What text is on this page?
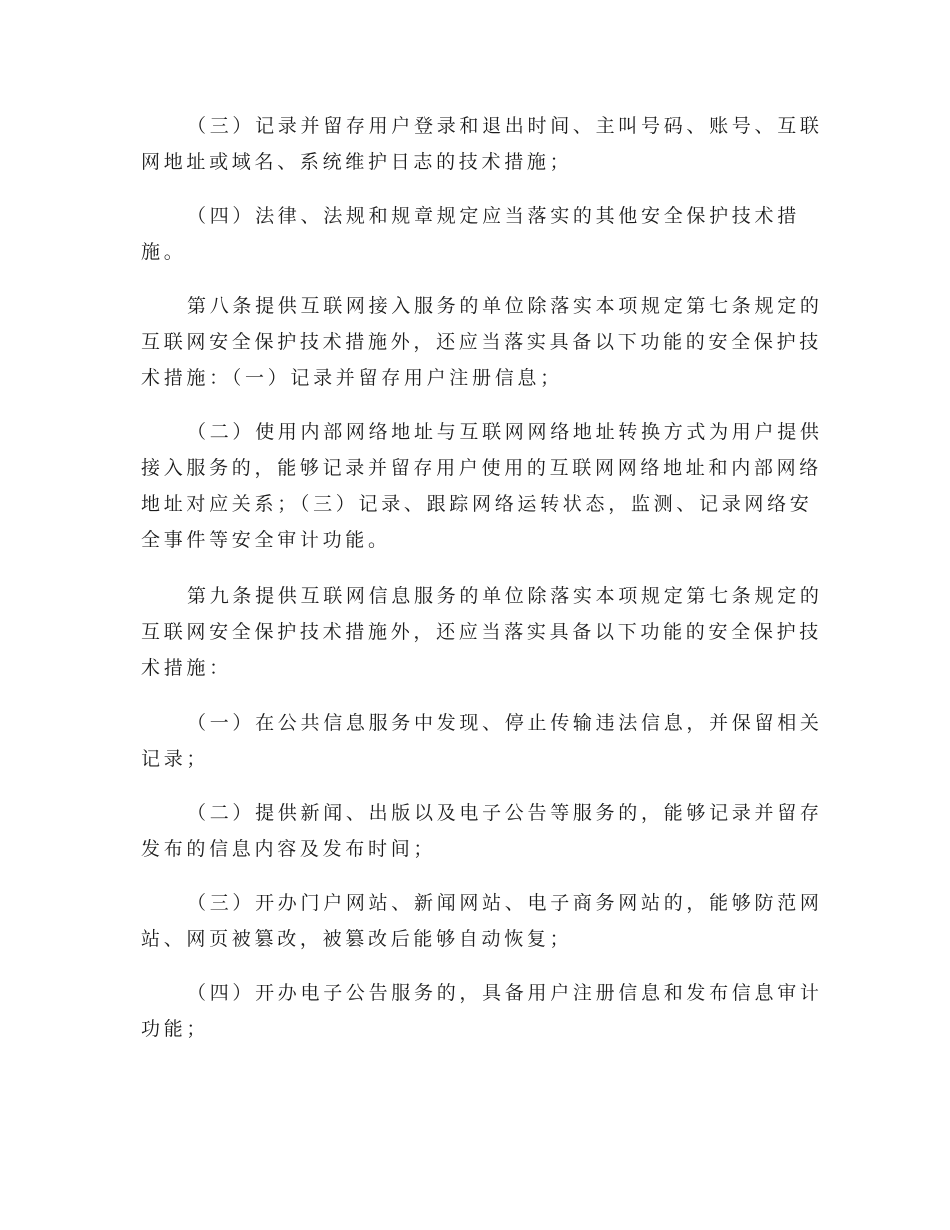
（三）记录并留存用户登录和退出时间、主叫号码、账号、互联
网地址或域名、系统维护日志的技术措施；

（四）法律、法规和规章规定应当落实的其他安全保护技术措
施。

第八条提供互联网接入服务的单位除落实本项规定第七条规定的
互联网安全保护技术措施外，还应当落实具备以下功能的安全保护技
术措施：（一）记录并留存用户注册信息；

（二）使用内部网络地址与互联网网络地址转换方式为用户提供
接入服务的，能够记录并留存用户使用的互联网网络地址和内部网络
地址对应关系；（三）记录、跟踪网络运转状态，监测、记录网络安
全事件等安全审计功能。

第九条提供互联网信息服务的单位除落实本项规定第七条规定的
互联网安全保护技术措施外，还应当落实具备以下功能的安全保护技
术措施：

（一）在公共信息服务中发现、停止传输违法信息，并保留相关
记录；

（二）提供新闻、出版以及电子公告等服务的，能够记录并留存
发布的信息内容及发布时间；

（三）开办门户网站、新闻网站、电子商务网站的，能够防范网
站、网页被篡改，被篡改后能够自动恢复；

（四）开办电子公告服务的，具备用户注册信息和发布信息审计
功能；
